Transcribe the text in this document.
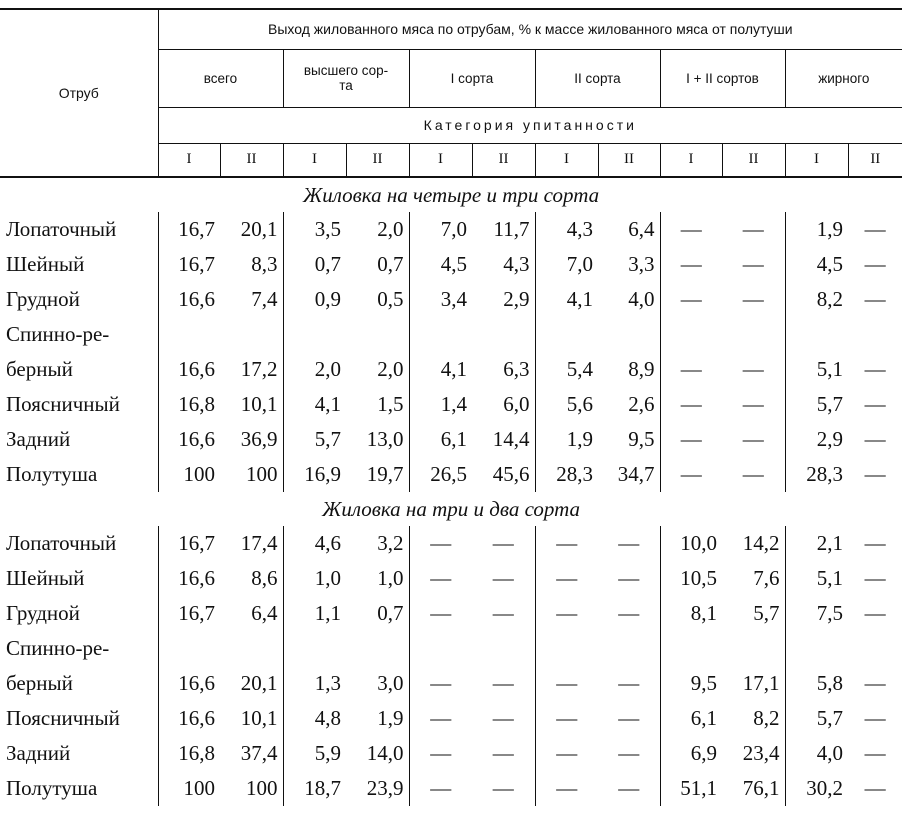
Отруб	Выход жилованного мяса по отрубам, % к массе жилованного мяса от полутуши											
	всего		высшего сор-
та		I сорта		II сорта		I + II сортов		жирного	
	Категория упитанности											
	I	II	I	II	I	II	I	II	I	II	I	II
Жиловка на четыре и три сорта												
Лопаточный	16,7	20,1	3,5	2,0	7,0	11,7	4,3	6,4	—	—	1,9	—
Шейный	16,7	8,3	0,7	0,7	4,5	4,3	7,0	3,3	—	—	4,5	—
Грудной	16,6	7,4	0,9	0,5	3,4	2,9	4,1	4,0	—	—	8,2	—
Спинно-ре-												
берный	16,6	17,2	2,0	2,0	4,1	6,3	5,4	8,9	—	—	5,1	—
Поясничный	16,8	10,1	4,1	1,5	1,4	6,0	5,6	2,6	—	—	5,7	—
Задний	16,6	36,9	5,7	13,0	6,1	14,4	1,9	9,5	—	—	2,9	—
Полутуша	100	100	16,9	19,7	26,5	45,6	28,3	34,7	—	—	28,3	—
Жиловка на три и два сорта												
Лопаточный	16,7	17,4	4,6	3,2	—	—	—	—	10,0	14,2	2,1	—
Шейный	16,6	8,6	1,0	1,0	—	—	—	—	10,5	7,6	5,1	—
Грудной	16,7	6,4	1,1	0,7	—	—	—	—	8,1	5,7	7,5	—
Спинно-ре-												
берный	16,6	20,1	1,3	3,0	—	—	—	—	9,5	17,1	5,8	—
Поясничный	16,6	10,1	4,8	1,9	—	—	—	—	6,1	8,2	5,7	—
Задний	16,8	37,4	5,9	14,0	—	—	—	—	6,9	23,4	4,0	—
Полутуша	100	100	18,7	23,9	—	—	—	—	51,1	76,1	30,2	—
